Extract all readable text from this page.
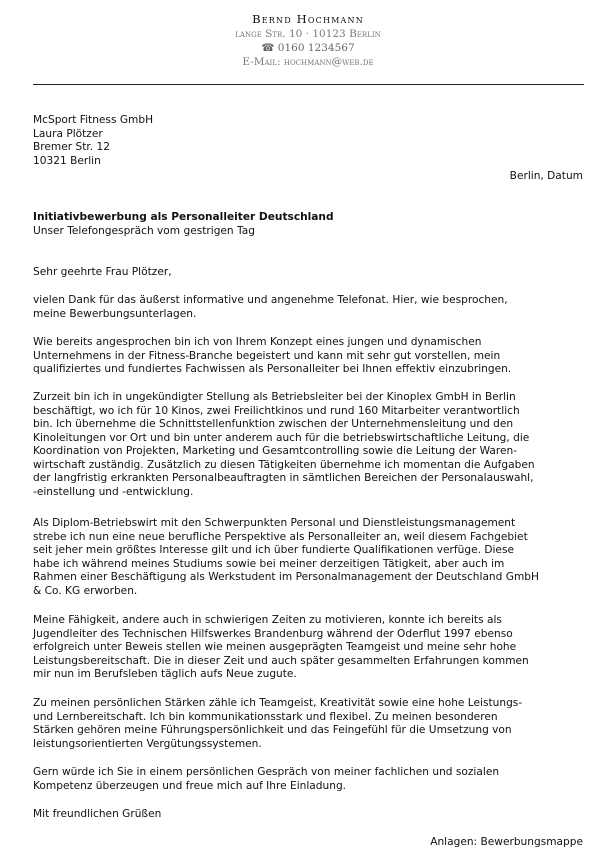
Bernd Hochmann
lange Str. 10 · 10123 Berlin
☎ 0160 1234567
E-Mail: hochmann@web.de
McSport Fitness GmbH
Laura Plötzer
Bremer Str. 12
10321 Berlin
Berlin, Datum
Initiativbewerbung als Personalleiter Deutschland
Unser Telefongespräch vom gestrigen Tag
Sehr geehrte Frau Plötzer,

vielen Dank für das äußerst informative und angenehme Telefonat. Hier, wie besprochen,

meine Bewerbungsunterlagen.

Wie bereits angesprochen bin ich von Ihrem Konzept eines jungen und dynamischen

Unternehmens in der Fitness-Branche begeistert und kann mit sehr gut vorstellen, mein

qualifiziertes und fundiertes Fachwissen als Personalleiter bei Ihnen effektiv einzubringen.

Zurzeit bin ich in ungekündigter Stellung als Betriebsleiter bei der Kinoplex GmbH in Berlin

beschäftigt, wo ich für 10 Kinos, zwei Freilichtkinos und rund 160 Mitarbeiter verantwortlich

bin. Ich übernehme die Schnittstellenfunktion zwischen der Unternehmensleitung und den

Kinoleitungen vor Ort und bin unter anderem auch für die betriebswirtschaftliche Leitung, die

Koordination von Projekten, Marketing und Gesamtcontrolling sowie die Leitung der Waren-

wirtschaft zuständig. Zusätzlich zu diesen Tätigkeiten übernehme ich momentan die Aufgaben

der langfristig erkrankten Personalbeauftragten in sämtlichen Bereichen der Personalauswahl,

-einstellung und -entwicklung.

Als Diplom-Betriebswirt mit den Schwerpunkten Personal und Dienstleistungsmanagement

strebe ich nun eine neue berufliche Perspektive als Personalleiter an, weil diesem Fachgebiet

seit jeher mein größtes Interesse gilt und ich über fundierte Qualifikationen verfüge. Diese

habe ich während meines Studiums sowie bei meiner derzeitigen Tätigkeit, aber auch im

Rahmen einer Beschäftigung als Werkstudent im Personalmanagement der Deutschland GmbH

& Co. KG erworben.

Meine Fähigkeit, andere auch in schwierigen Zeiten zu motivieren, konnte ich bereits als

Jugendleiter des Technischen Hilfswerkes Brandenburg während der Oderflut 1997 ebenso

erfolgreich unter Beweis stellen wie meinen ausgeprägten Teamgeist und meine sehr hohe

Leistungsbereitschaft. Die in dieser Zeit und auch später gesammelten Erfahrungen kommen

mir nun im Berufsleben täglich aufs Neue zugute.

Zu meinen persönlichen Stärken zähle ich Teamgeist, Kreativität sowie eine hohe Leistungs-

und Lernbereitschaft. Ich bin kommunikationsstark und flexibel. Zu meinen besonderen

Stärken gehören meine Führungspersönlichkeit und das Feingefühl für die Umsetzung von

leistungsorientierten Vergütungssystemen.

Gern würde ich Sie in einem persönlichen Gespräch von meiner fachlichen und sozialen

Kompetenz überzeugen und freue mich auf Ihre Einladung.

Mit freundlichen Grüßen
Anlagen: Bewerbungsmappe
